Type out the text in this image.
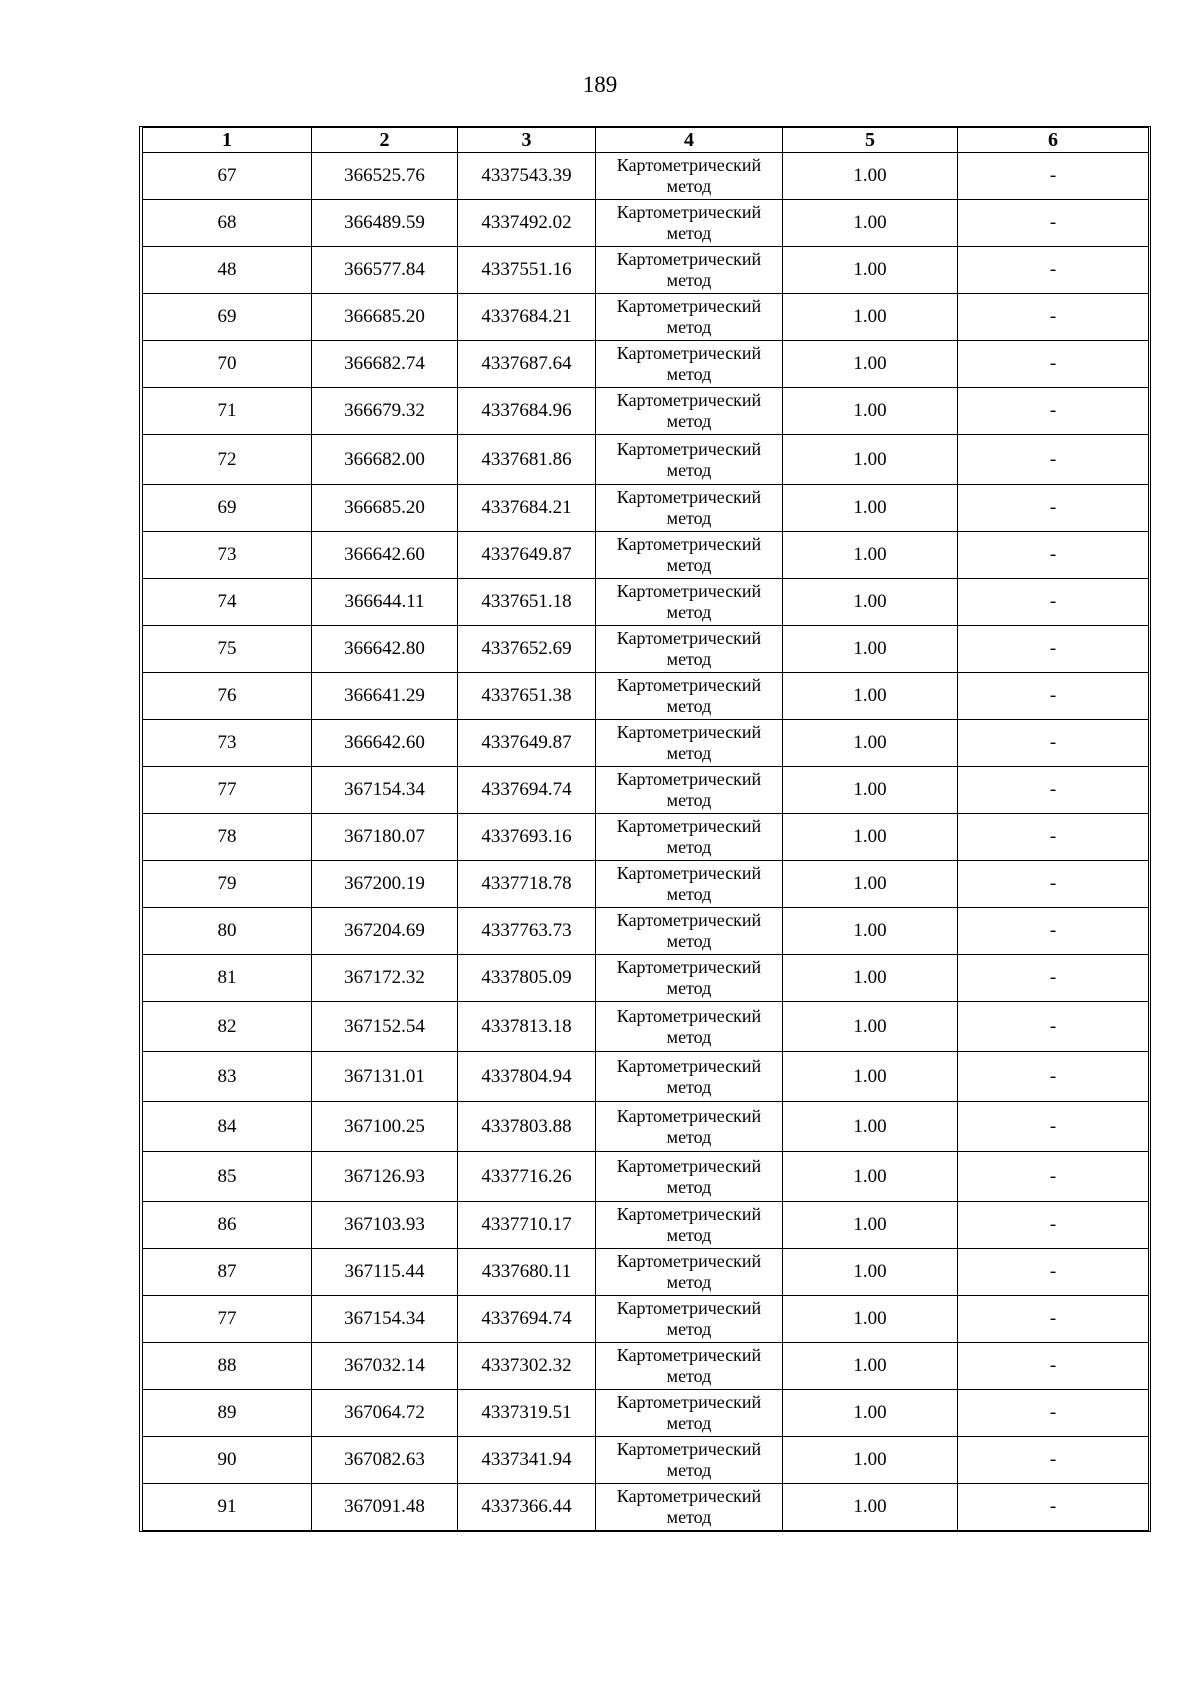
189
1	2	3	4	5	6
67	366525.76	4337543.39	Картометрический метод	1.00	-
68	366489.59	4337492.02	Картометрический метод	1.00	-
48	366577.84	4337551.16	Картометрический метод	1.00	-
69	366685.20	4337684.21	Картометрический метод	1.00	-
70	366682.74	4337687.64	Картометрический метод	1.00	-
71	366679.32	4337684.96	Картометрический метод	1.00	-
72	366682.00	4337681.86	Картометрический метод	1.00	-
69	366685.20	4337684.21	Картометрический метод	1.00	-
73	366642.60	4337649.87	Картометрический метод	1.00	-
74	366644.11	4337651.18	Картометрический метод	1.00	-
75	366642.80	4337652.69	Картометрический метод	1.00	-
76	366641.29	4337651.38	Картометрический метод	1.00	-
73	366642.60	4337649.87	Картометрический метод	1.00	-
77	367154.34	4337694.74	Картометрический метод	1.00	-
78	367180.07	4337693.16	Картометрический метод	1.00	-
79	367200.19	4337718.78	Картометрический метод	1.00	-
80	367204.69	4337763.73	Картометрический метод	1.00	-
81	367172.32	4337805.09	Картометрический метод	1.00	-
82	367152.54	4337813.18	Картометрический метод	1.00	-
83	367131.01	4337804.94	Картометрический метод	1.00	-
84	367100.25	4337803.88	Картометрический метод	1.00	-
85	367126.93	4337716.26	Картометрический метод	1.00	-
86	367103.93	4337710.17	Картометрический метод	1.00	-
87	367115.44	4337680.11	Картометрический метод	1.00	-
77	367154.34	4337694.74	Картометрический метод	1.00	-
88	367032.14	4337302.32	Картометрический метод	1.00	-
89	367064.72	4337319.51	Картометрический метод	1.00	-
90	367082.63	4337341.94	Картометрический метод	1.00	-
91	367091.48	4337366.44	Картометрический метод	1.00	-
